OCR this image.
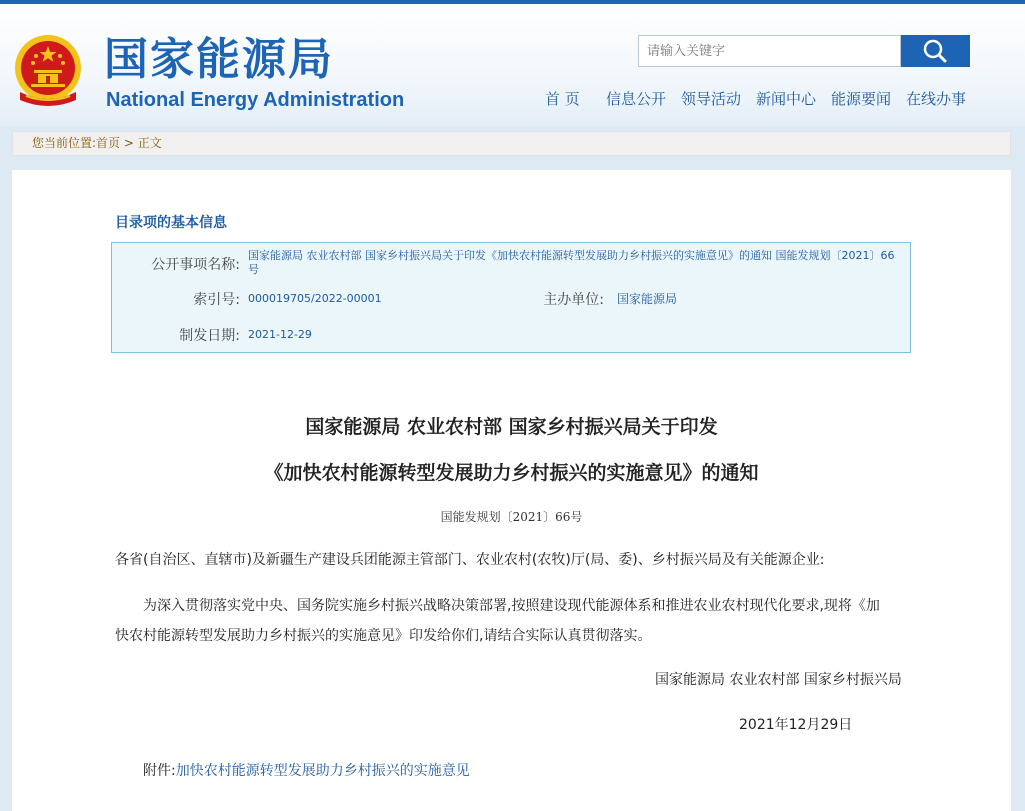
国家能源局
National Energy Administration
请输入关键字	首 页 信息公开 领导活动 新闻中心 能源要闻 在线办事
您当前位置:首页 > 正文
目录项的基本信息
公开事项名称:
国家能源局 农业农村部 国家乡村振兴局关于印发《加快农村能源转型发展助力乡村振兴的实施意见》的通知 国能发规划〔2021〕66号
索引号: 000019705/2022-00001	主办单位: 国家能源局
制发日期: 2021-12-29
国家能源局 农业农村部 国家乡村振兴局关于印发
《加快农村能源转型发展助力乡村振兴的实施意见》的通知
国能发规划〔2021〕66号
各省(自治区、直辖市)及新疆生产建设兵团能源主管部门、农业农村(农牧)厅(局、委)、乡村振兴局及有关能源企业:
为深入贯彻落实党中央、国务院实施乡村振兴战略决策部署,按照建设现代能源体系和推进农业农村现代化要求,现将《加
快农村能源转型发展助力乡村振兴的实施意见》印发给你们,请结合实际认真贯彻落实。
国家能源局 农业农村部 国家乡村振兴局
2021年12月29日
附件:加快农村能源转型发展助力乡村振兴的实施意见
